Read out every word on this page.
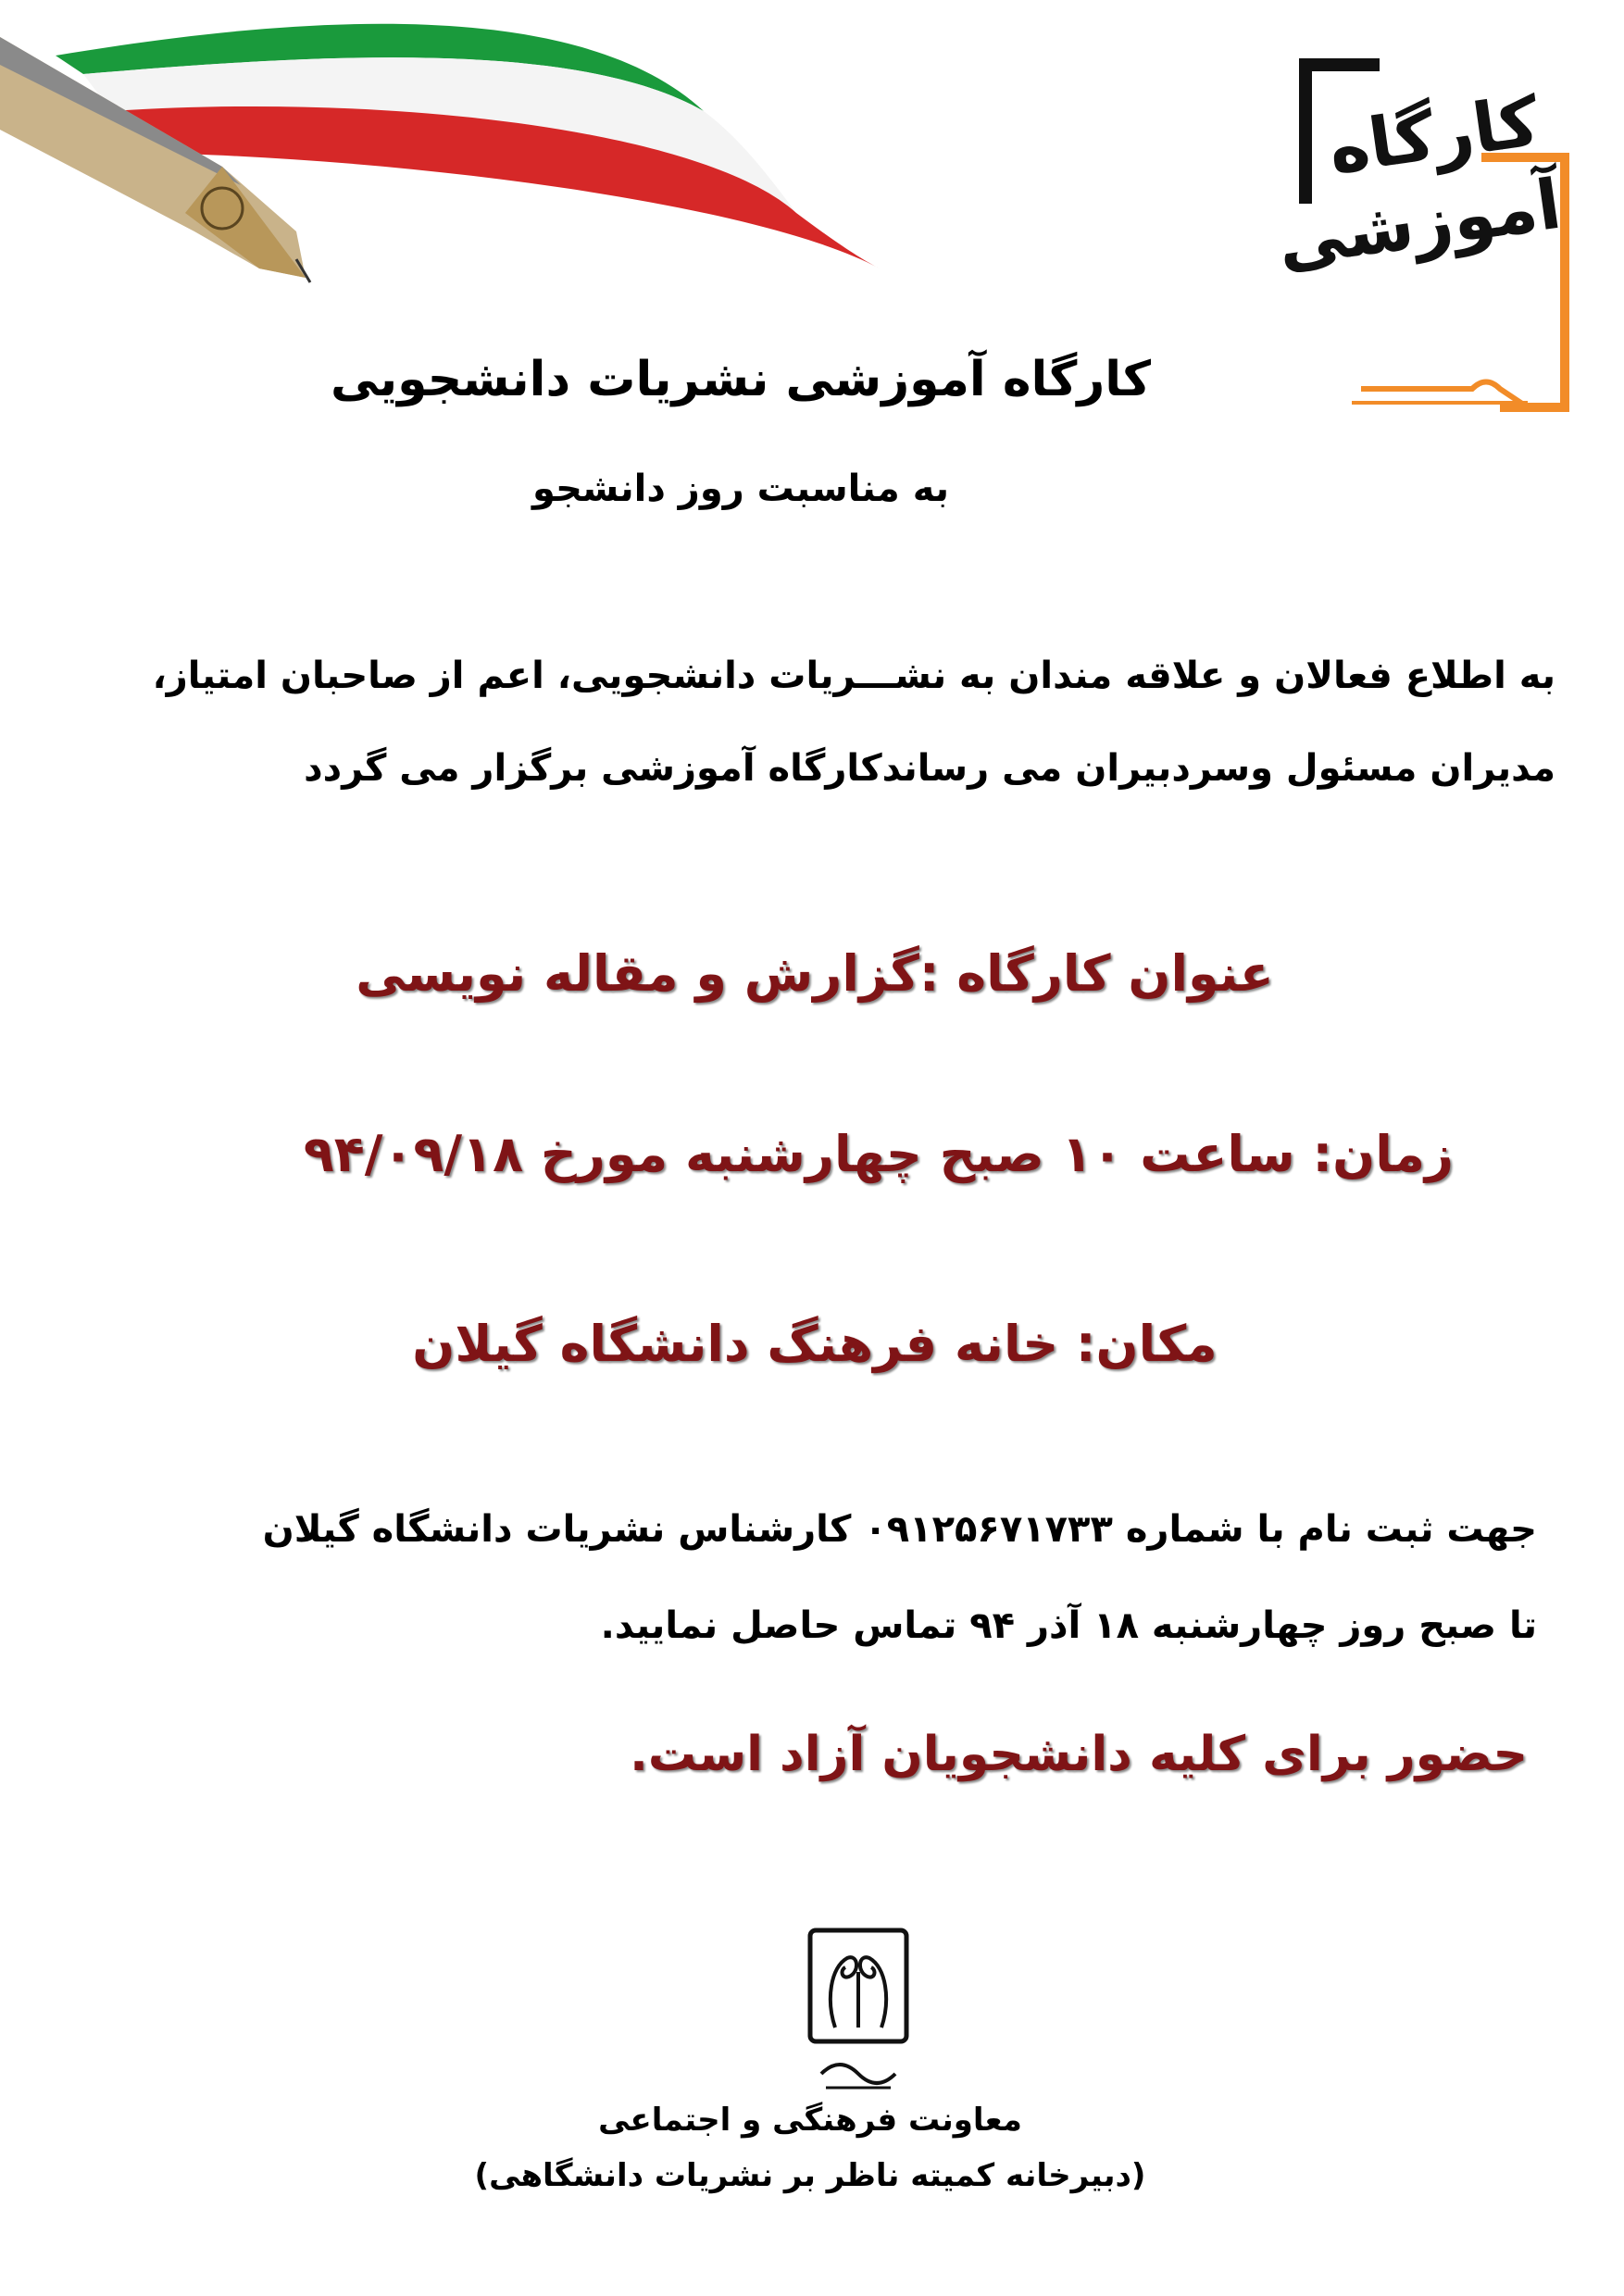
کارگاه آموزشی
کارگاه آموزشی نشریات دانشجویی
به مناسبت روز دانشجو
به اطلاع فعالان و علاقه مندان به نشـــریات دانشجویی، اعم از صاحبان امتیاز،
مدیران مسئول وسردبیران می رساندکارگاه آموزشی برگزار می گردد
عنوان کارگاه :گزارش و مقاله نویسی
زمان: ساعت ۱۰ صبح چهارشنبه مورخ ۹۴/۰۹/۱۸
مکان: خانه فرهنگ دانشگاه گیلان
جهت ثبت نام با شماره ۰۹۱۲۵۶۷۱۷۳۳ کارشناس نشریات دانشگاه گیلان
تا صبح روز چهارشنبه ۱۸ آذر ۹۴ تماس حاصل نمایید.
حضور برای کلیه دانشجویان آزاد است.
معاونت فرهنگی و اجتماعی
(دبیرخانه کمیته ناظر بر نشریات دانشگاهی)
